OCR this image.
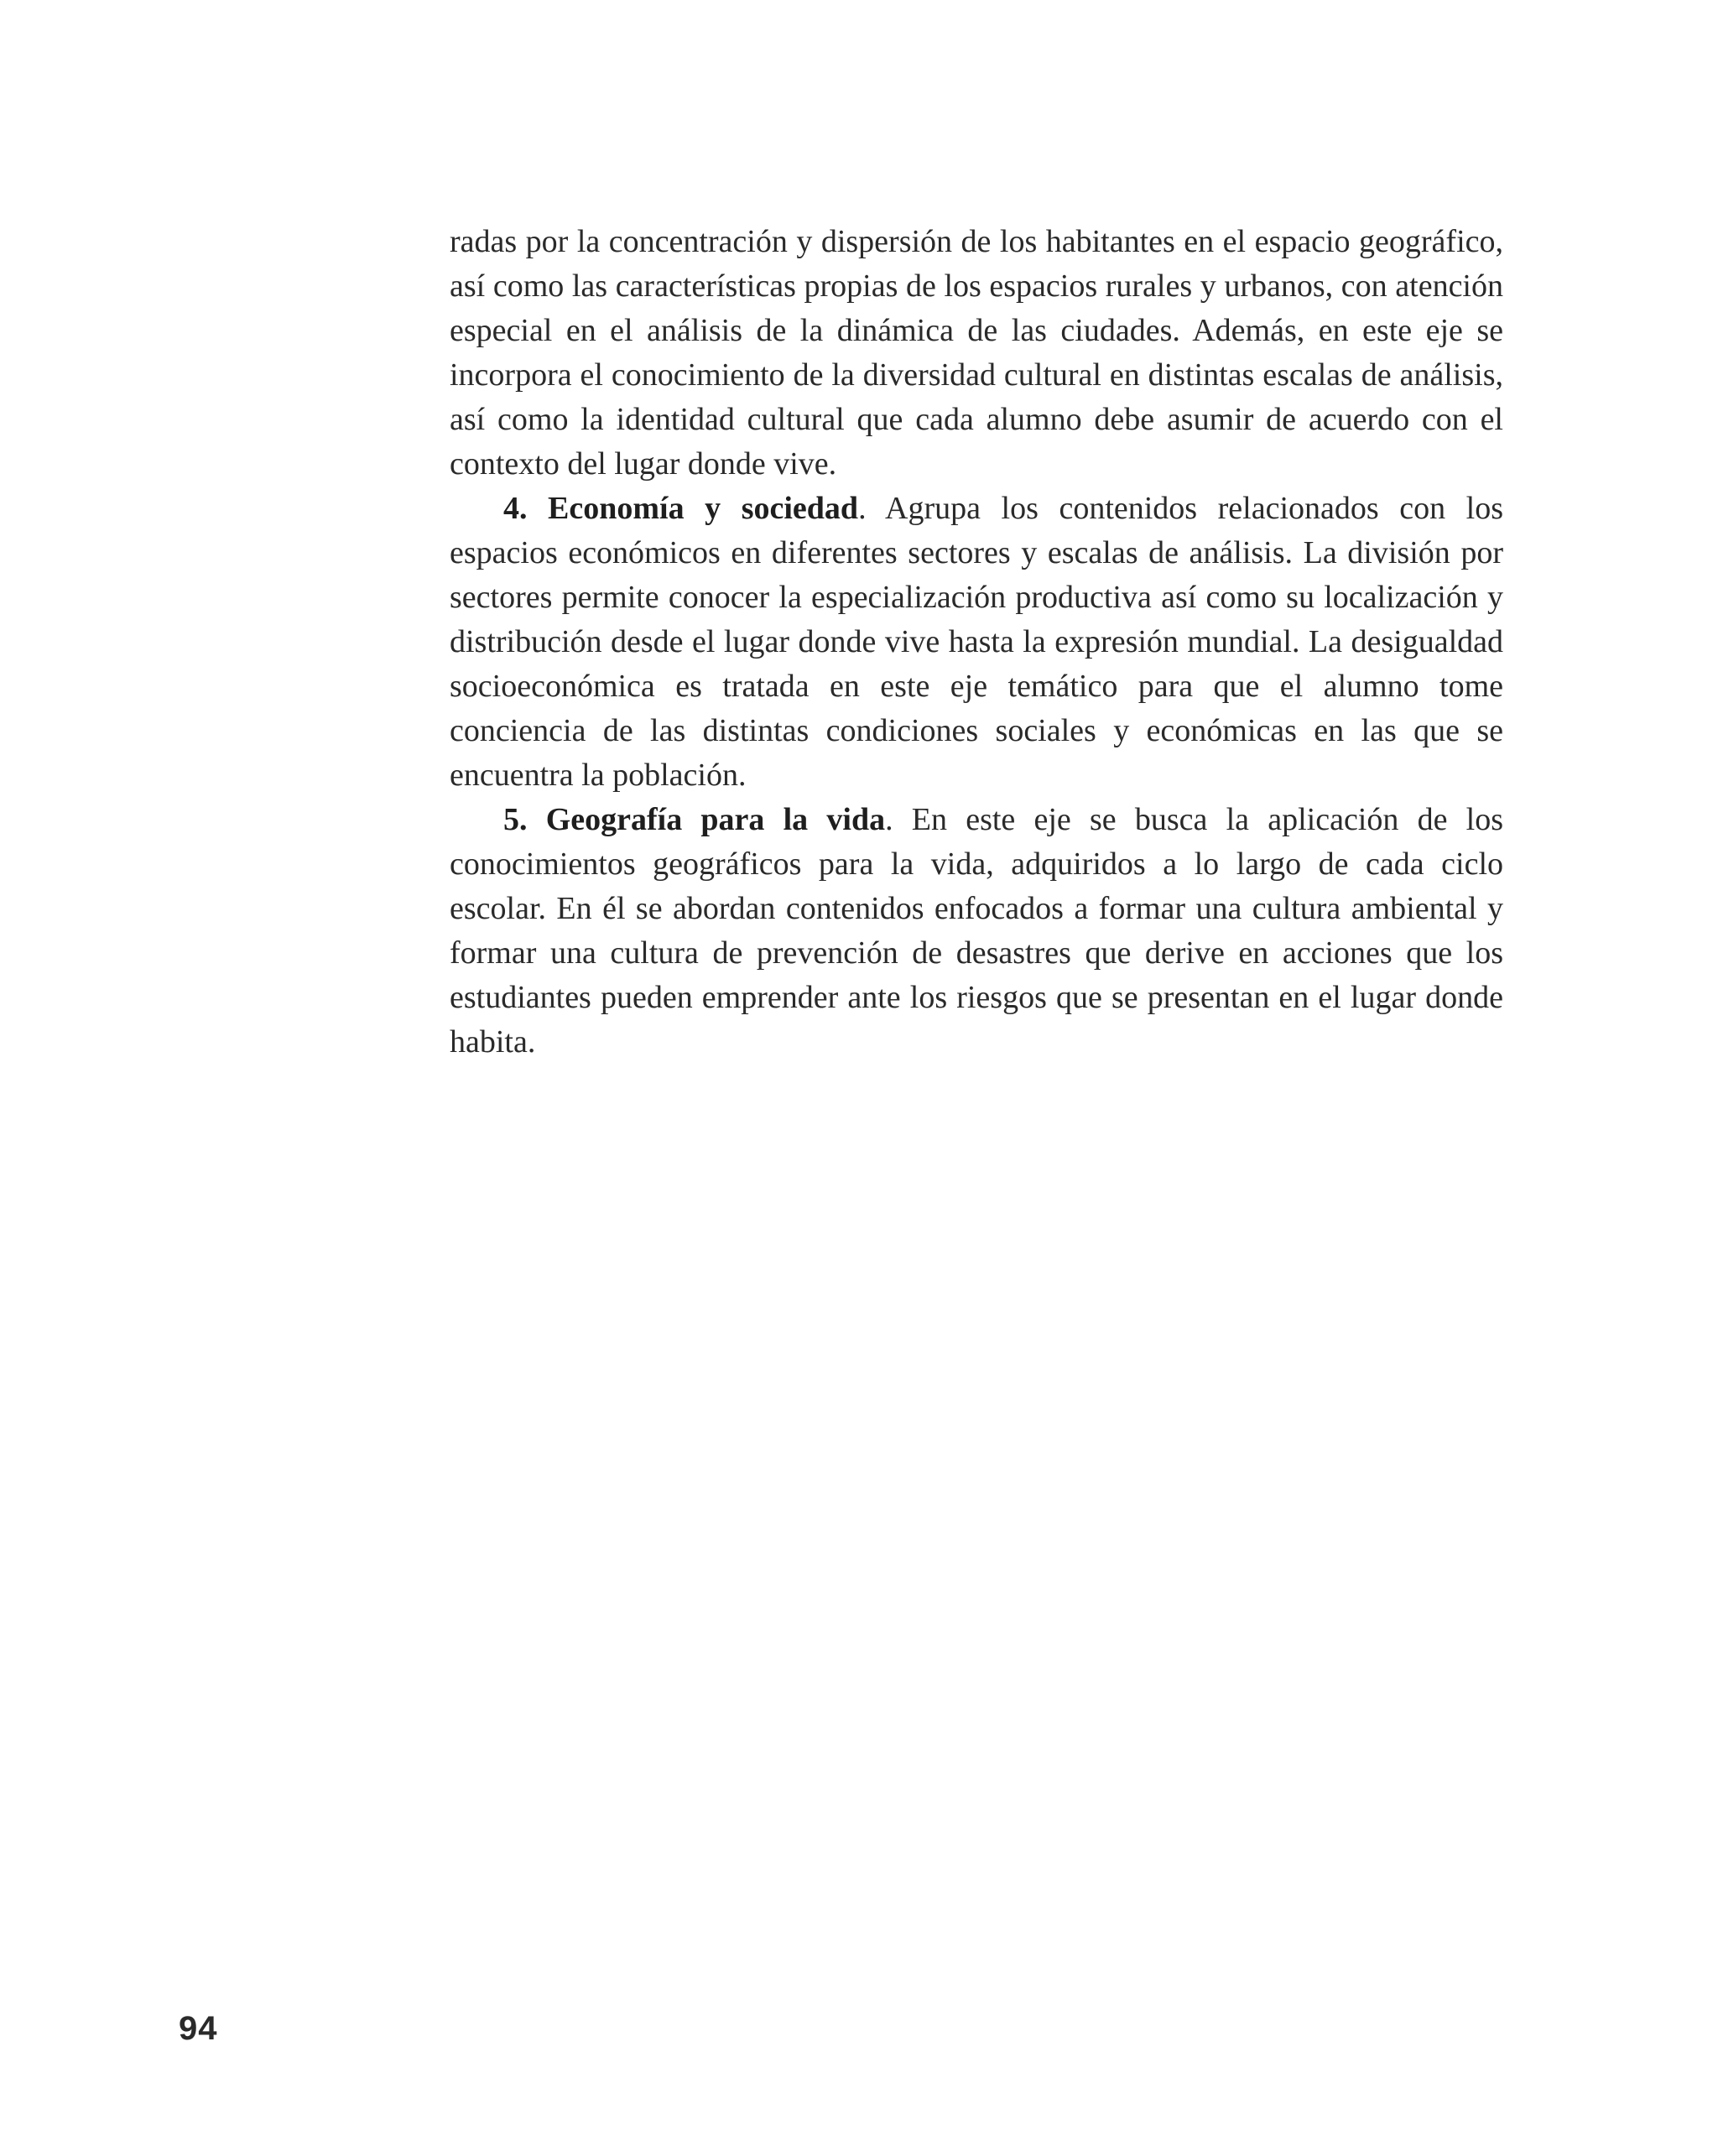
radas por la concentración y dispersión de los habitantes en el espacio geográfico, así como las características propias de los espacios rurales y urbanos, con atención especial en el análisis de la dinámica de las ciudades. Además, en este eje se incorpora el conocimiento de la diversidad cultural en distintas escalas de análisis, así como la identidad cultural que cada alumno debe asumir de acuerdo con el contexto del lugar donde vive.

4. Economía y sociedad. Agrupa los contenidos relacionados con los espacios económicos en diferentes sectores y escalas de análisis. La división por sectores permite conocer la especialización productiva así como su localización y distribución desde el lugar donde vive hasta la expresión mundial. La desigualdad socioeconómica es tratada en este eje temático para que el alumno tome conciencia de las distintas condiciones sociales y económicas en las que se encuentra la población.

5. Geografía para la vida. En este eje se busca la aplicación de los conocimientos geográficos para la vida, adquiridos a lo largo de cada ciclo escolar. En él se abordan contenidos enfocados a formar una cultura ambiental y formar una cultura de prevención de desastres que derive en acciones que los estudiantes pueden emprender ante los riesgos que se presentan en el lugar donde habita.

94
